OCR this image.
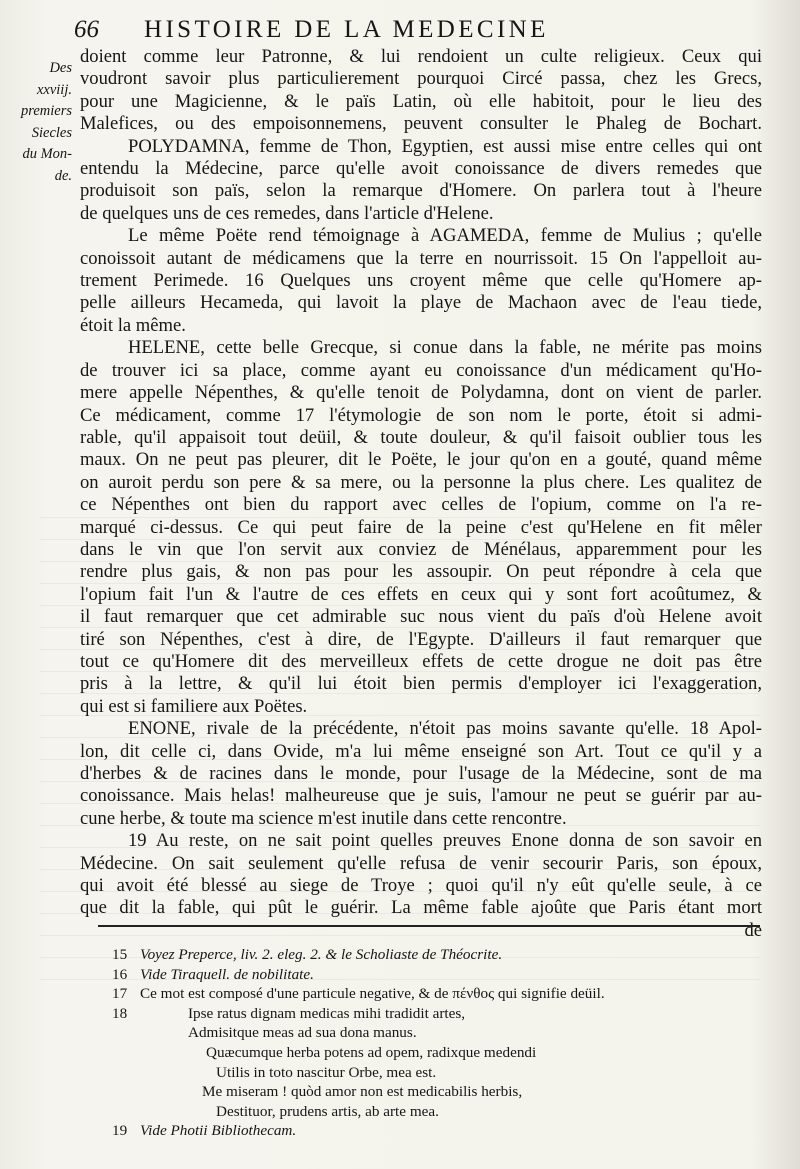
66 HISTOIRE DE LA MEDECINE
Des
xxviij.
premiers
Siecles
du Mon-
de.
doient comme leur Patronne, & lui rendoient un culte religieux. Ceux qui
voudront savoir plus particulierement pourquoi Circé passa, chez les Grecs,
pour une Magicienne, & le païs Latin, où elle habitoit, pour le lieu des
Malefices, ou des empoisonnemens, peuvent consulter le Phaleg de Bochart.
POLYDAMNA, femme de Thon, Egyptien, est aussi mise entre celles qui ont
entendu la Médecine, parce qu'elle avoit conoissance de divers remedes que
produisoit son païs, selon la remarque d'Homere. On parlera tout à l'heure
de quelques uns de ces remedes, dans l'article d'Helene.
Le même Poëte rend témoignage à AGAMEDA, femme de Mulius ; qu'elle
conoissoit autant de médicamens que la terre en nourrissoit. 15 On l'appelloit au-
trement Perimede. 16 Quelques uns croyent même que celle qu'Homere ap-
pelle ailleurs Hecameda, qui lavoit la playe de Machaon avec de l'eau tiede,
étoit la même.
HELENE, cette belle Grecque, si conue dans la fable, ne mérite pas moins
de trouver ici sa place, comme ayant eu conoissance d'un médicament qu'Ho-
mere appelle Népenthes, & qu'elle tenoit de Polydamna, dont on vient de parler.
Ce médicament, comme 17 l'étymologie de son nom le porte, étoit si admi-
rable, qu'il appaisoit tout deüil, & toute douleur, & qu'il faisoit oublier tous les
maux. On ne peut pas pleurer, dit le Poëte, le jour qu'on en a gouté, quand même
on auroit perdu son pere & sa mere, ou la personne la plus chere. Les qualitez de
ce Népenthes ont bien du rapport avec celles de l'opium, comme on l'a re-
marqué ci-dessus. Ce qui peut faire de la peine c'est qu'Helene en fit mêler
dans le vin que l'on servit aux conviez de Ménélaus, apparemment pour les
rendre plus gais, & non pas pour les assoupir. On peut répondre à cela que
l'opium fait l'un & l'autre de ces effets en ceux qui y sont fort acoûtumez, &
il faut remarquer que cet admirable suc nous vient du païs d'où Helene avoit
tiré son Népenthes, c'est à dire, de l'Egypte. D'ailleurs il faut remarquer que
tout ce qu'Homere dit des merveilleux effets de cette drogue ne doit pas être
pris à la lettre, & qu'il lui étoit bien permis d'employer ici l'exaggeration,
qui est si familiere aux Poëtes.
ENONE, rivale de la précédente, n'étoit pas moins savante qu'elle. 18 Apol-
lon, dit celle ci, dans Ovide, m'a lui même enseigné son Art. Tout ce qu'il y a
d'herbes & de racines dans le monde, pour l'usage de la Médecine, sont de ma
conoissance. Mais helas! malheureuse que je suis, l'amour ne peut se guérir par au-
cune herbe, & toute ma science m'est inutile dans cette rencontre.
19 Au reste, on ne sait point quelles preuves Enone donna de son savoir en
Médecine. On sait seulement qu'elle refusa de venir secourir Paris, son époux,
qui avoit été blessé au siege de Troye ; quoi qu'il n'y eût qu'elle seule, à ce
que dit la fable, qui pût le guérir. La même fable ajoûte que Paris étant mort
de
15 Voyez Preperce, liv. 2. eleg. 2. & le Scholiaste de Théocrite.
16 Vide Tiraquell. de nobilitate.
17 Ce mot est composé d'une particule negative, & de πένθος qui signifie deüil.
18	Ipse ratus dignam medicas mihi tradidit artes,
Admisitque meas ad sua dona manus.
Quæcumque herba potens ad opem, radixque medendi
Utilis in toto nascitur Orbe, mea est.
Me miseram ! quòd amor non est medicabilis herbis,
Destituor, prudens artis, ab arte mea.
19 Vide Photii Bibliothecam.
